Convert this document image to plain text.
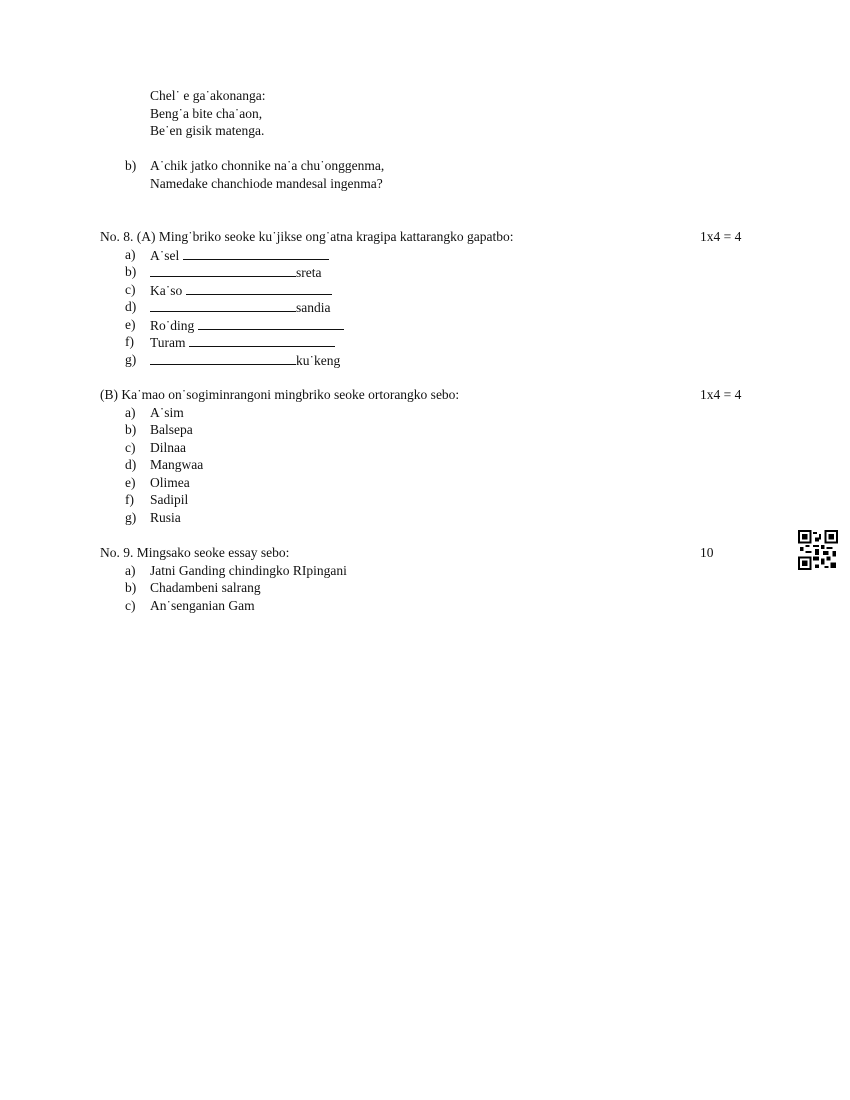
Chel˙ e ga˙akonanga:
Beng˙a bite cha˙aon,
Be˙en gisik matenga.
b) A˙chik jatko chonnike na˙a chu˙onggenma,
Namedake chanchiode mandesal ingenma?
No. 8. (A) Ming˙briko seoke ku˙jikse ong˙atna kragipa kattarangko gapatbo:	1x4 = 4
a) A˙sel
b)	sreta
c) Ka˙so
d)	sandia
e) Ro˙ding
f) Turam
g)	ku˙keng
(B) Ka˙mao on˙sogiminrangoni mingbriko seoke ortorangko sebo:	1x4 = 4
a) A˙sim
b) Balsepa
c) Dilnaa
d) Mangwaa
e) Olimea
f) Sadipil
g) Rusia
No. 9. Mingsako seoke essay sebo:	10
a) Jatni Ganding chindingko RIpingani
b) Chadambeni salrang
c) An˙senganian Gam
